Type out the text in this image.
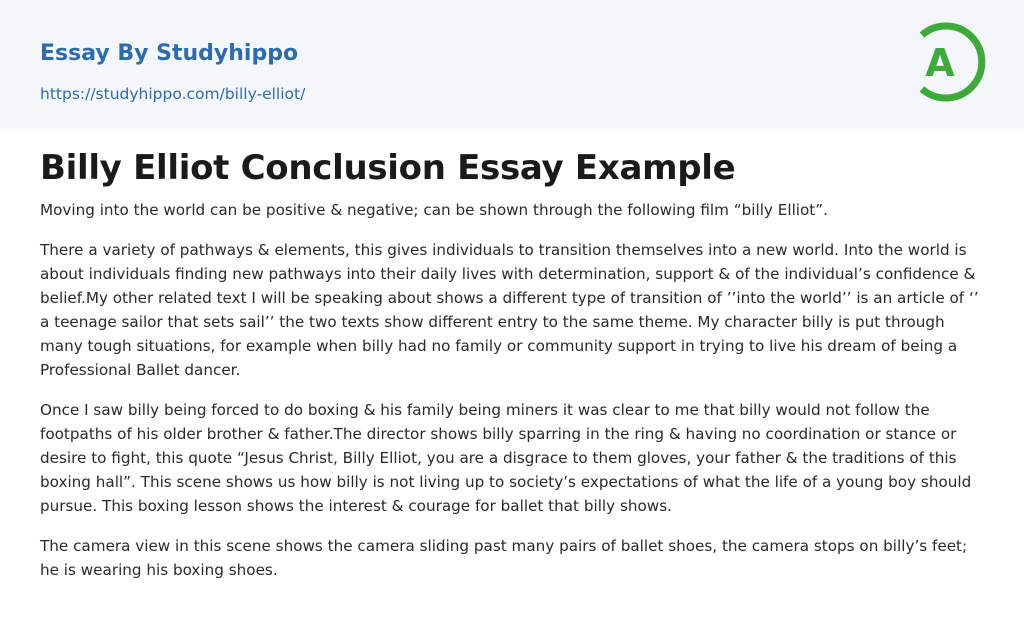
Essay By Studyhippo
https://studyhippo.com/billy-elliot/
A
Billy Elliot Conclusion Essay Example

Moving into the world can be positive & negative; can be shown through the following film “billy Elliot”.

There a variety of pathways & elements, this gives individuals to transition themselves into a new world. Into the world is about individuals finding new pathways into their daily lives with determination, support & of the individual’s confidence & belief.My other related text I will be speaking about shows a different type of transition of ’’into the world’’ is an article of ‘’ a teenage sailor that sets sail’’ the two texts show different entry to the same theme. My character billy is put through many tough situations, for example when billy had no family or community support in trying to live his dream of being a Professional Ballet dancer.

Once I saw billy being forced to do boxing & his family being miners it was clear to me that billy would not follow the footpaths of his older brother & father.The director shows billy sparring in the ring & having no coordination or stance or desire to fight, this quote “Jesus Christ, Billy Elliot, you are a disgrace to them gloves, your father & the traditions of this boxing hall”. This scene shows us how billy is not living up to society’s expectations of what the life of a young boy should pursue. This boxing lesson shows the interest & courage for ballet that billy shows.

The camera view in this scene shows the camera sliding past many pairs of ballet shoes, the camera stops on billy’s feet; he is wearing his boxing shoes.
